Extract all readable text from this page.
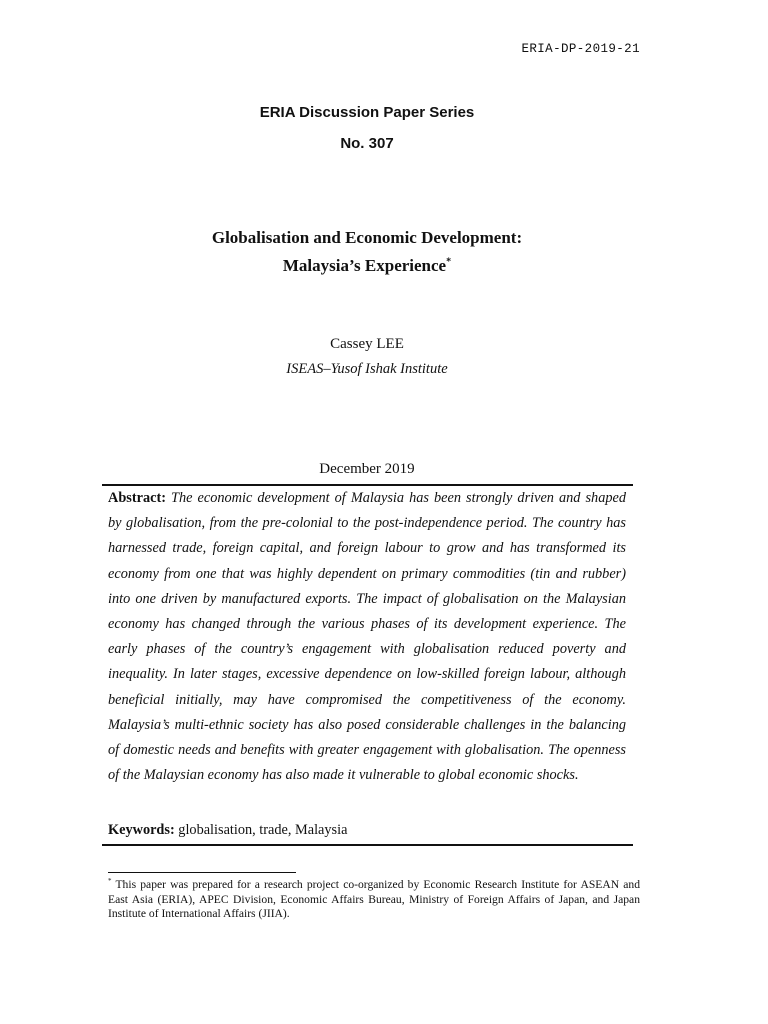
ERIA-DP-2019-21
ERIA Discussion Paper Series
No. 307
Globalisation and Economic Development:
Malaysia’s Experience*
Cassey LEE
ISEAS–Yusof Ishak Institute
December 2019
Abstract: The economic development of Malaysia has been strongly driven and shaped by globalisation, from the pre-colonial to the post-independence period. The country has harnessed trade, foreign capital, and foreign labour to grow and has transformed its economy from one that was highly dependent on primary commodities (tin and rubber) into one driven by manufactured exports. The impact of globalisation on the Malaysian economy has changed through the various phases of its development experience. The early phases of the country’s engagement with globalisation reduced poverty and inequality. In later stages, excessive dependence on low-skilled foreign labour, although beneficial initially, may have compromised the competitiveness of the economy. Malaysia’s multi-ethnic society has also posed considerable challenges in the balancing of domestic needs and benefits with greater engagement with globalisation. The openness of the Malaysian economy has also made it vulnerable to global economic shocks.
Keywords: globalisation, trade, Malaysia
* This paper was prepared for a research project co-organized by Economic Research Institute for ASEAN and East Asia (ERIA), APEC Division, Economic Affairs Bureau, Ministry of Foreign Affairs of Japan, and Japan Institute of International Affairs (JIIA).
